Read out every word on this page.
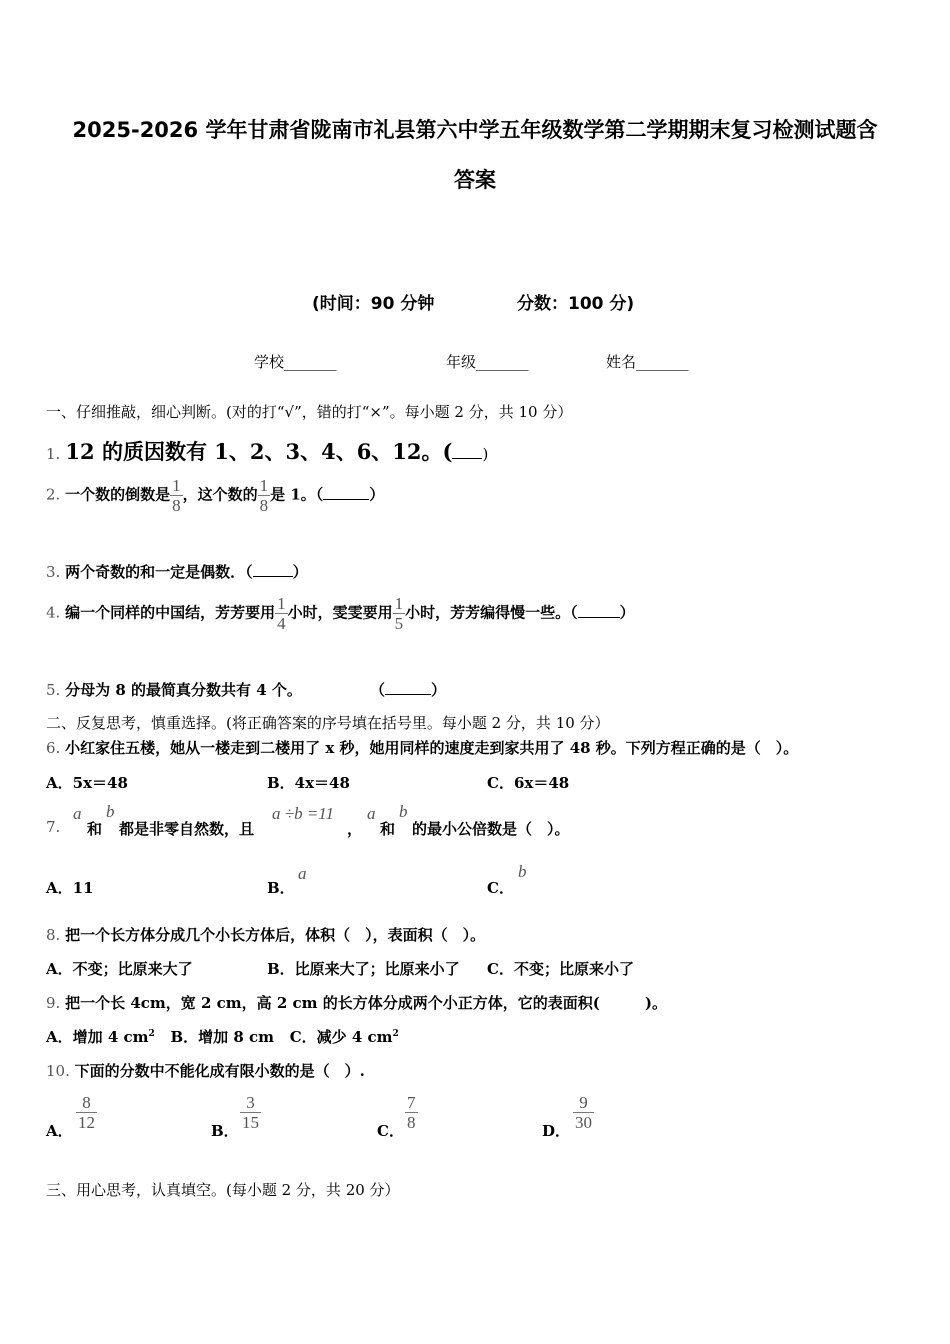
2025-2026 学年甘肃省陇南市礼县第六中学五年级数学第二学期期末复习检测试题含
答案
(时间：90 分钟	分数：100 分)
学校_______	年级_______	姓名_______
一、仔细推敲，细心判断。(对的打“√”，错的打“×”。每小题 2 分，共 10 分）
1. 12 的质因数有 1、2、3、4、6、12。( )
2. 一个数的倒数是 $\frac{1}{8}$ ，这个数的 $\frac{1}{8}$ 是 1。（	）
3. 两个奇数的和一定是偶数．（	）
4. 编一个同样的中国结，芳芳要用 $\frac{1}{4}$ 小时，雯雯要用 $\frac{1}{5}$ 小时，芳芳编得慢一些。（	）
5. 分母为 8 的最简真分数共有 4 个。	（	）
二、反复思考，慎重选择。(将正确答案的序号填在括号里。每小题 2 分，共 10 分）
6. 小红家住五楼，她从一楼走到二楼用了 x 秒，她用同样的速度走到家共用了 48 秒。下列方程正确的是（　）。
A．5x＝48	B．4x＝48	C．6x＝48
7.
a
和
b
都是非零自然数，且
a ÷b =11
，
a
和
b
的最小公倍数是（　）。
A．11	B．
a
C．
b
8. 把一个长方体分成几个小长方体后，体积（　），表面积（　）。
A．不变；比原来大了	B．比原来大了；比原来小了 C．不变；比原来小了
9. 把一个长 4cm，宽 2 cm，高 2 cm 的长方体分成两个小正方体，它的表面积(　　　)。
A．增加 4 $cm^2$ B．增加 8 cm C．减少 4 $cm^2$
10. 下面的分数中不能化成有限小数的是（　）.
A． $\frac{8}{12}$	B． $\frac{3}{15}$	C． $\frac{7}{8}$	D． $\frac{9}{30}$
三、用心思考，认真填空。(每小题 2 分，共 20 分）
